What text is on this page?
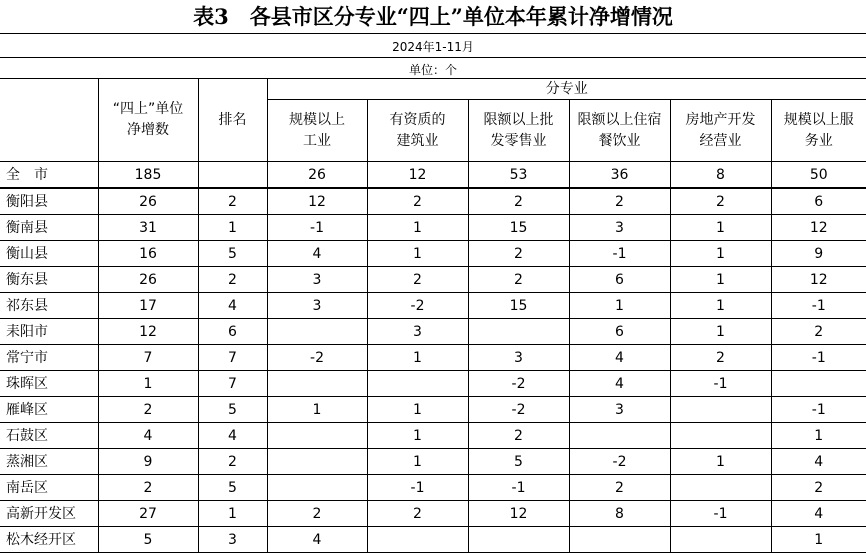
表3　各县市区分专业“四上”单位本年累计净增情况
2024年1-11月
单位：个
	“四上”单位净增数	排名	分专业					
			规模以上工业	有资质的建筑业	限额以上批发零售业	限额以上住宿餐饮业	房地产开发经营业	规模以上服务业
全　市	185		26	12	53	36	8	50
衡阳县	26	2	12	2	2	2	2	6
衡南县	31	1	-1	1	15	3	1	12
衡山县	16	5	4	1	2	-1	1	9
衡东县	26	2	3	2	2	6	1	12
祁东县	17	4	3	-2	15	1	1	-1
耒阳市	12	6		3		6	1	2
常宁市	7	7	-2	1	3	4	2	-1
珠晖区	1	7			-2	4	-1	
雁峰区	2	5	1	1	-2	3		-1
石鼓区	4	4		1	2			1
蒸湘区	9	2		1	5	-2	1	4
南岳区	2	5		-1	-1	2		2
高新开发区	27	1	2	2	12	8	-1	4
松木经开区	5	3	4					1
